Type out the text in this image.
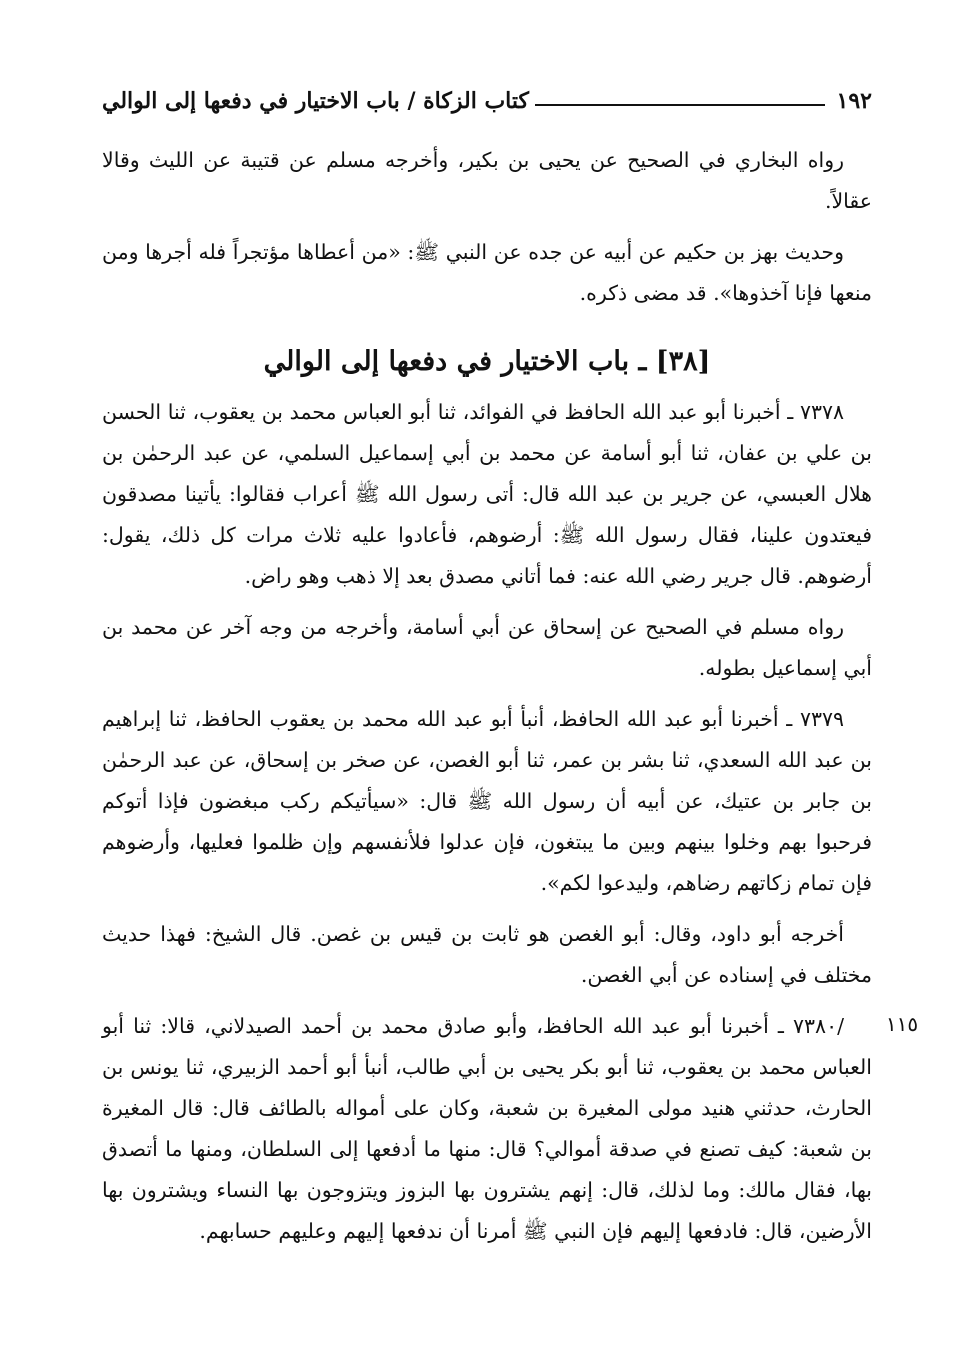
١٩٢
كتاب الزكاة / باب الاختيار في دفعها إلى الوالي

رواه البخاري في الصحيح عن يحيى بن بكير، وأخرجه مسلم عن قتيبة عن الليث وقالا عقالاً.

وحديث بهز بن حكيم عن أبيه عن جده عن النبي ﷺ: «من أعطاها مؤتجراً فله أجرها ومن منعها فإنا آخذوها». قد مضى ذكره.

[٣٨] ـ باب الاختيار في دفعها إلى الوالي

٧٣٧٨ ـ أخبرنا أبو عبد الله الحافظ في الفوائد، ثنا أبو العباس محمد بن يعقوب، ثنا الحسن بن علي بن عفان، ثنا أبو أسامة عن محمد بن أبي إسماعيل السلمي، عن عبد الرحمٰن بن هلال العبسي، عن جرير بن عبد الله قال: أتى رسول الله ﷺ أعراب فقالوا: يأتينا مصدقون فيعتدون علينا، فقال رسول الله ﷺ: أرضوهم، فأعادوا عليه ثلاث مرات كل ذلك، يقول: أرضوهم. قال جرير رضي الله عنه: فما أتاني مصدق بعد إلا ذهب وهو راض.

رواه مسلم في الصحيح عن إسحاق عن أبي أسامة، وأخرجه من وجه آخر عن محمد بن أبي إسماعيل بطوله.

٧٣٧٩ ـ أخبرنا أبو عبد الله الحافظ، أنبأ أبو عبد الله محمد بن يعقوب الحافظ، ثنا إبراهيم بن عبد الله السعدي، ثنا بشر بن عمر، ثنا أبو الغصن، عن صخر بن إسحاق، عن عبد الرحمٰن بن جابر بن عتيك، عن أبيه أن رسول الله ﷺ قال: «سيأتيكم ركب مبغضون فإذا أتوكم فرحبوا بهم وخلوا بينهم وبين ما يبتغون، فإن عدلوا فلأنفسهم وإن ظلموا فعليها، وأرضوهم فإن تمام زكاتهم رضاهم، وليدعوا لكم».

أخرجه أبو داود، وقال: أبو الغصن هو ثابت بن قيس بن غصن. قال الشيخ: فهذا حديث مختلف في إسناده عن أبي الغصن.

/٧٣٨٠ ـ أخبرنا أبو عبد الله الحافظ، وأبو صادق محمد بن أحمد الصيدلاني، قالا: ثنا أبو العباس محمد بن يعقوب، ثنا أبو بكر يحيى بن أبي طالب، أنبأ أبو أحمد الزبيري، ثنا يونس بن الحارث، حدثني هنيد مولى المغيرة بن شعبة، وكان على أمواله بالطائف قال: قال المغيرة بن شعبة: كيف تصنع في صدقة أموالي؟ قال: منها ما أدفعها إلى السلطان، ومنها ما أتصدق بها، فقال مالك: وما لذلك، قال: إنهم يشترون بها البزوز ويتزوجون بها النساء ويشترون بها الأرضين، قال: فادفعها إليهم فإن النبي ﷺ أمرنا أن ندفعها إليهم وعليهم حسابهم.

١١٥
